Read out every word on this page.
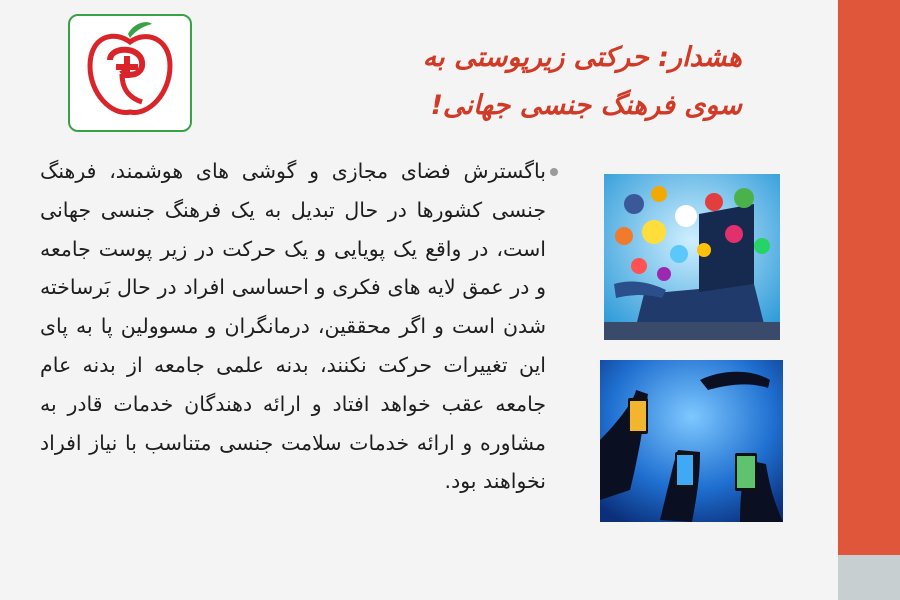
هشدار: حرکتی زیرپوستی به
سوی فرهنگ جنسی جهانی!
باگسترش فضای مجازی و گوشی های هوشمند، فرهنگ جنسی کشورها در حال تبدیل به یک فرهنگ جنسی جهانی است، در واقع یک پویایی و یک حرکت در زیر پوست جامعه و در عمق لایه های فکری و احساسی افراد در حال بَرساخته شدن است و اگر محققین، درمانگران و مسوولین پا به پای این تغییرات حرکت نکنند، بدنه علمی جامعه از بدنه عام جامعه عقب خواهد افتاد و ارائه دهندگان خدمات قادر به مشاوره و ارائه خدمات سلامت جنسی متناسب با نیاز افراد نخواهند بود.
